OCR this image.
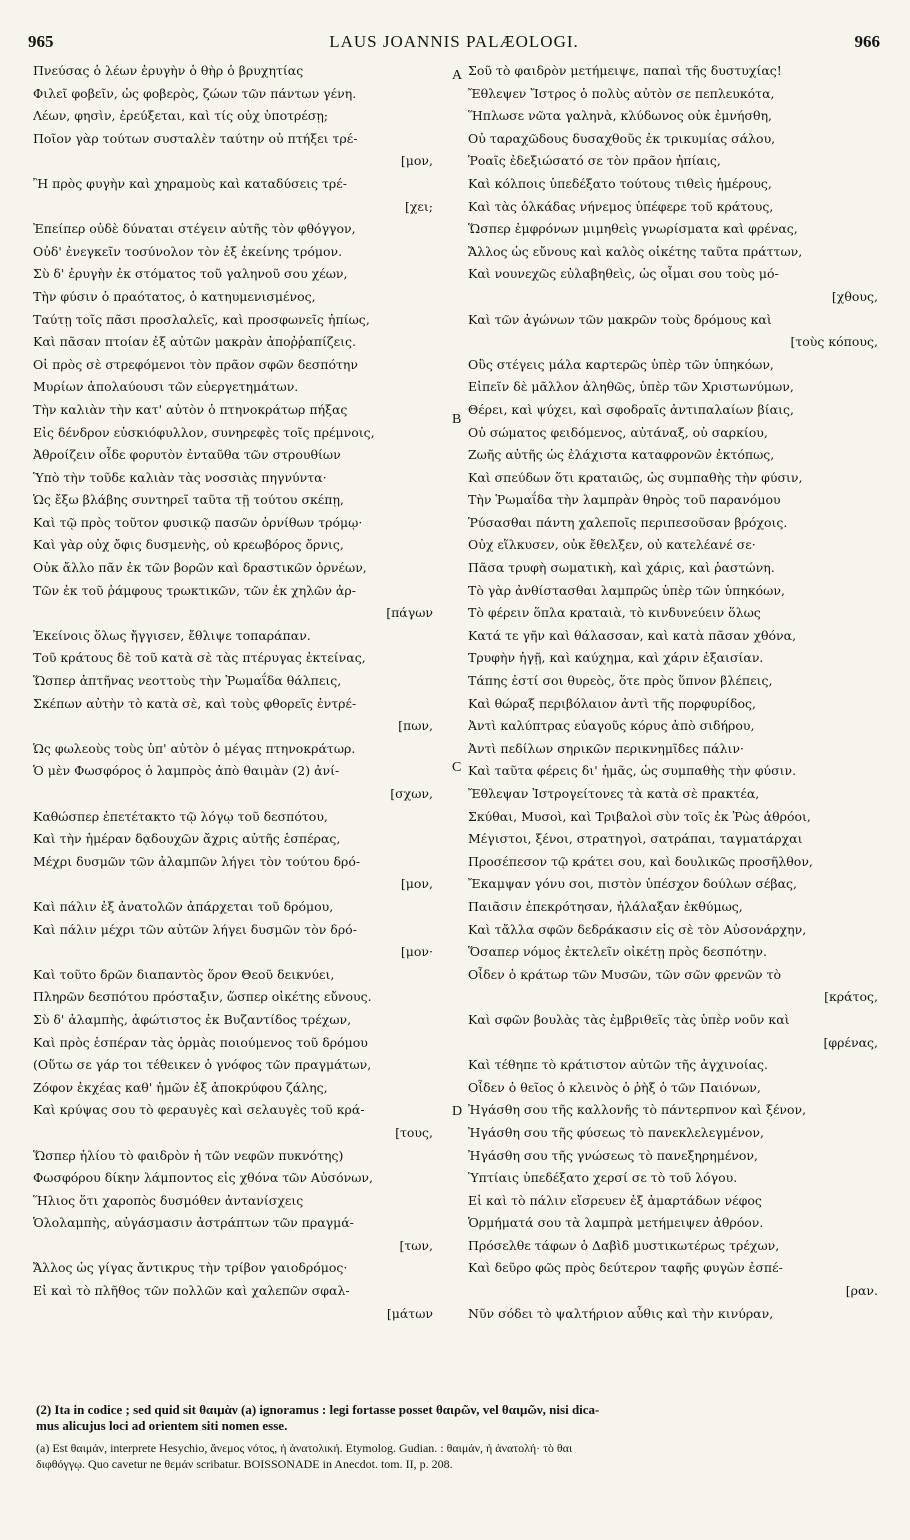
965	LAUS JOANNIS PALÆOLOGI.	966
Πνεύσας ὁ λέων ἐρυγὴν ὁ θὴρ ὁ βρυχητίας
Φιλεῖ φοβεῖν, ὡς φοβερὸς, ζώων τῶν πάντων γένη.
Λέων, φησὶν, ἐρεύξεται, καὶ τίς οὐχ ὑποτρέσῃ;
Ποῖον γὰρ τούτων συσταλὲν ταύτην οὐ πτήξει τρέ-
[μον,
Ἢ πρὸς φυγὴν καὶ χηραμοὺς καὶ καταδύσεις τρέ-
[χει;
Ἐπείπερ οὐδὲ δύναται στέγειν αὐτῆς τὸν φθόγγον,
Οὐδ' ἐνεγκεῖν τοσύνολον τὸν ἐξ ἐκείνης τρόμον.
Σὺ δ' ἐρυγὴν ἐκ στόματος τοῦ γαληνοῦ σου χέων,
Τὴν φύσιν ὁ πραότατος, ὁ κατηυμενισμένος,
Ταύτῃ τοῖς πᾶσι προσλαλεῖς, καὶ προσφωνεῖς ἠπίως,
Καὶ πᾶσαν πτοίαν ἐξ αὐτῶν μακρὰν ἀποῤῥαπίζεις.
Οἱ πρὸς σὲ στρεφόμενοι τὸν πρᾶον σφῶν δεσπότην
Μυρίων ἀπολαύουσι τῶν εὐεργετημάτων.
Τὴν καλιὰν τὴν κατ' αὐτὸν ὁ πτηνοκράτωρ πήξας
Εἰς δένδρον εὐσκιόφυλλον, συνηρεφὲς τοῖς πρέμνοις,
Ἀθροίζειν οἶδε φορυτὸν ἐνταῦθα τῶν στρουθίων
Ὑπὸ τὴν τοῦδε καλιὰν τὰς νοσσιὰς πηγνύντα·
Ὡς ἔξω βλάβης συντηρεῖ ταῦτα τῇ τούτου σκέπῃ,
Καὶ τῷ πρὸς τοῦτον φυσικῷ πασῶν ὀρνίθων τρόμῳ·
Καὶ γὰρ οὐχ ὄφις δυσμενὴς, οὐ κρεωβόρος ὄρνις,
Οὐκ ἄλλο πᾶν ἐκ τῶν βορῶν καὶ δραστικῶν ὀρνέων,
Τῶν ἐκ τοῦ ῥάμφους τρωκτικῶν, τῶν ἐκ χηλῶν ἀρ-
[πάγων
Ἐκείνοις ὅλως ἤγγισεν, ἔθλιψε τοπαράπαν.
Τοῦ κράτους δὲ τοῦ κατὰ σὲ τὰς πτέρυγας ἐκτείνας,
Ὥσπερ ἀπτῆνας νεοττοὺς τὴν Ῥωμαΐδα θάλπεις,
Σκέπων αὐτὴν τὸ κατὰ σὲ, καὶ τοὺς φθορεῖς ἐντρέ-
[πων,
Ὡς φωλεοὺς τοὺς ὑπ' αὐτὸν ὁ μέγας πτηνοκράτωρ.
Ὁ μὲν Φωσφόρος ὁ λαμπρὸς ἀπὸ θαιμὰν (2) ἀνί-
[σχων,
Καθώσπερ ἐπετέτακτο τῷ λόγῳ τοῦ δεσπότου,
Καὶ τὴν ἡμέραν δᾳδουχῶν ἄχρις αὐτῆς ἑσπέρας,
Μέχρι δυσμῶν τῶν ἀλαμπῶν λήγει τὸν τούτου δρό-
[μον,
Καὶ πάλιν ἐξ ἀνατολῶν ἀπάρχεται τοῦ δρόμου,
Καὶ πάλιν μέχρι τῶν αὐτῶν λήγει δυσμῶν τὸν δρό-
[μον·
Καὶ τοῦτο δρῶν διαπαντὸς ὅρον Θεοῦ δεικνύει,
Πληρῶν δεσπότου πρόσταξιν, ὥσπερ οἰκέτης εὔνους.
Σὺ δ' ἀλαμπὴς, ἀφώτιστος ἐκ Βυζαντίδος τρέχων,
Καὶ πρὸς ἑσπέραν τὰς ὁρμὰς ποιούμενος τοῦ δρόμου
(Οὕτω σε γάρ τοι τέθεικεν ὁ γνόφος τῶν πραγμάτων,
Ζόφον ἐκχέας καθ' ἡμῶν ἐξ ἀποκρύφου ζάλης,
Καὶ κρύψας σου τὸ φεραυγὲς καὶ σελαυγὲς τοῦ κρά-
[τους,
Ὥσπερ ἡλίου τὸ φαιδρὸν ἡ τῶν νεφῶν πυκνότης)
Φωσφόρου δίκην λάμποντος εἰς χθόνα τῶν Αὐσόνων,
Ἥλιος ὅτι χαροπὸς δυσμόθεν ἀντανίσχεις
Ὁλολαμπὴς, αὐγάσμασιν ἀστράπτων τῶν πραγμά-
[των,
Ἄλλος ὡς γίγας ἄντικρυς τὴν τρίβον γαιοδρόμος·
Εἰ καὶ τὸ πλῆθος τῶν πολλῶν καὶ χαλεπῶν σφαλ-
[μάτων
Σοῦ τὸ φαιδρὸν μετήμειψε, παπαὶ τῆς δυστυχίας!
Ἔθλεψεν Ἴστρος ὁ πολὺς αὐτὸν σε πεπλευκότα,
Ἥπλωσε νῶτα γαληνὰ, κλύδωνος οὐκ ἐμνήσθη,
Οὐ ταραχῶδους δυσαχθοῦς ἐκ τρικυμίας σάλου,
Ῥοαῖς ἐδεξιώσατό σε τὸν πρᾶον ἠπίαις,
Καὶ κόλποις ὑπεδέξατο τούτους τιθεὶς ἡμέρους,
Καὶ τὰς ὁλκάδας νήνεμος ὑπέφερε τοῦ κράτους,
Ὥσπερ ἐμφρόνων μιμηθεὶς γνωρίσματα καὶ φρένας,
Ἄλλος ὡς εὔνους καὶ καλὸς οἰκέτης ταῦτα πράττων,
Καὶ νουνεχῶς εὐλαβηθεὶς, ὡς οἶμαι σου τοὺς μό-
[χθους,
Καὶ τῶν ἀγώνων τῶν μακρῶν τοὺς δρόμους καὶ
[τοὺς κόπους,
Οὓς στέγεις μάλα καρτερῶς ὑπὲρ τῶν ὑπηκόων,
Εἰπεῖν δὲ μᾶλλον ἀληθῶς, ὑπὲρ τῶν Χριστωνύμων,
Θέρει, καὶ ψύχει, καὶ σφοδραῖς ἀντιπαλαίων βίαις,
Οὐ σώματος φειδόμενος, αὐτάναξ, οὐ σαρκίου,
Ζωῆς αὐτῆς ὡς ἐλάχιστα καταφρονῶν ἐκτόπως,
Καὶ σπεύδων ὅτι κραταιῶς, ὡς συμπαθὴς τὴν φύσιν,
Τὴν Ῥωμαΐδα τὴν λαμπρὰν θηρὸς τοῦ παρανόμου
Ῥύσασθαι πάντη χαλεποῖς περιπεσοῦσαν βρόχοις.
Οὐχ εἵλκυσεν, οὐκ ἔθελξεν, οὐ κατελέανέ σε·
Πᾶσα τρυφὴ σωματικὴ, καὶ χάρις, καὶ ῥαστώνη.
Τὸ γὰρ ἀνθίστασθαι λαμπρῶς ὑπὲρ τῶν ὑπηκόων,
Τὸ φέρειν ὅπλα κραταιὰ, τὸ κινδυνεύειν ὅλως
Κατά τε γῆν καὶ θάλασσαν, καὶ κατὰ πᾶσαν χθόνα,
Τρυφὴν ἡγῇ, καὶ καύχημα, καὶ χάριν ἐξαισίαν.
Τάπης ἐστί σοι θυρεὸς, ὅτε πρὸς ὕπνον βλέπεις,
Καὶ θώραξ περιβόλαιον ἀντὶ τῆς πορφυρίδος,
Ἀντὶ καλύπτρας εὐαγοῦς κόρυς ἀπὸ σιδήρου,
Ἀντὶ πεδίλων σηρικῶν περικνημῖδες πάλιν·
Καὶ ταῦτα φέρεις δι' ἡμᾶς, ὡς συμπαθὴς τὴν φύσιν.
Ἔθλεψαν Ἰστρογείτονες τὰ κατὰ σὲ πρακτέα,
Σκύθαι, Μυσοὶ, καὶ Τριβαλοὶ σὺν τοῖς ἐκ Ῥὼς ἀθρόοι,
Μέγιστοι, ξένοι, στρατηγοὶ, σατράπαι, ταγματάρχαι
Προσέπεσον τῷ κράτει σου, καὶ δουλικῶς προσῆλθον,
Ἔκαμψαν γόνυ σοι, πιστὸν ὑπέσχον δούλων σέβας,
Παιᾶσιν ἐπεκρότησαν, ἠλάλαξαν ἐκθύμως,
Καὶ τἄλλα σφῶν δεδράκασιν εἰς σὲ τὸν Αὐσονάρχην,
Ὅσαπερ νόμος ἐκτελεῖν οἰκέτῃ πρὸς δεσπότην.
Οἶδεν ὁ κράτωρ τῶν Μυσῶν, τῶν σῶν φρενῶν τὸ
[κράτος,
Καὶ σφῶν βουλὰς τὰς ἐμβριθεῖς τὰς ὑπὲρ νοῦν καὶ
[φρένας,
Καὶ τέθηπε τὸ κράτιστον αὐτῶν τῆς ἀγχινοίας.
Οἶδεν ὁ θεῖος ὁ κλεινὸς ὁ ῥὴξ ὁ τῶν Παιόνων,
Ἠγάσθη σου τῆς καλλονῆς τὸ πάντερπνον καὶ ξένον,
Ἠγάσθη σου τῆς φύσεως τὸ πανεκλελεγμένον,
Ἠγάσθη σου τῆς γνώσεως τὸ πανεξηρημένον,
Ὑπτίαις ὑπεδέξατο χερσί σε τὸ τοῦ λόγου.
Εἰ καὶ τὸ πάλιν εἴσρευεν ἐξ ἀμαρτάδων νέφος
Ὁρμήματά σου τὰ λαμπρὰ μετήμειψεν ἀθρόον.
Πρόσελθε τάφων ὁ Δαβὶδ μυστικωτέρως τρέχων,
Καὶ δεῦρο φῶς πρὸς δεύτερον ταφῆς φυγὼν ἐσπέ-
[ραν.
Νῦν σόδει τὸ ψαλτήριον αὖθις καὶ τὴν κινύραν,
A
B
C
D
(2) Ita in codice ; sed quid sit θαιμὰν (a) ignoramus : legi fortasse posset θαιρῶν, vel θαιμῶν, nisi dica-
mus alicujus loci ad orientem siti nomen esse.
(a) Est θαιμάν, interprete Hesychio, ἄνεμος νότος, ἡ ἀνατολική. Etymolog. Gudian. : θαιμάν, ἡ ἀνατολή· τὸ θαι
διφθόγγῳ. Quo cavetur ne θεμάν scribatur. BOISSONADE in Anecdot. tom. II, p. 208.
